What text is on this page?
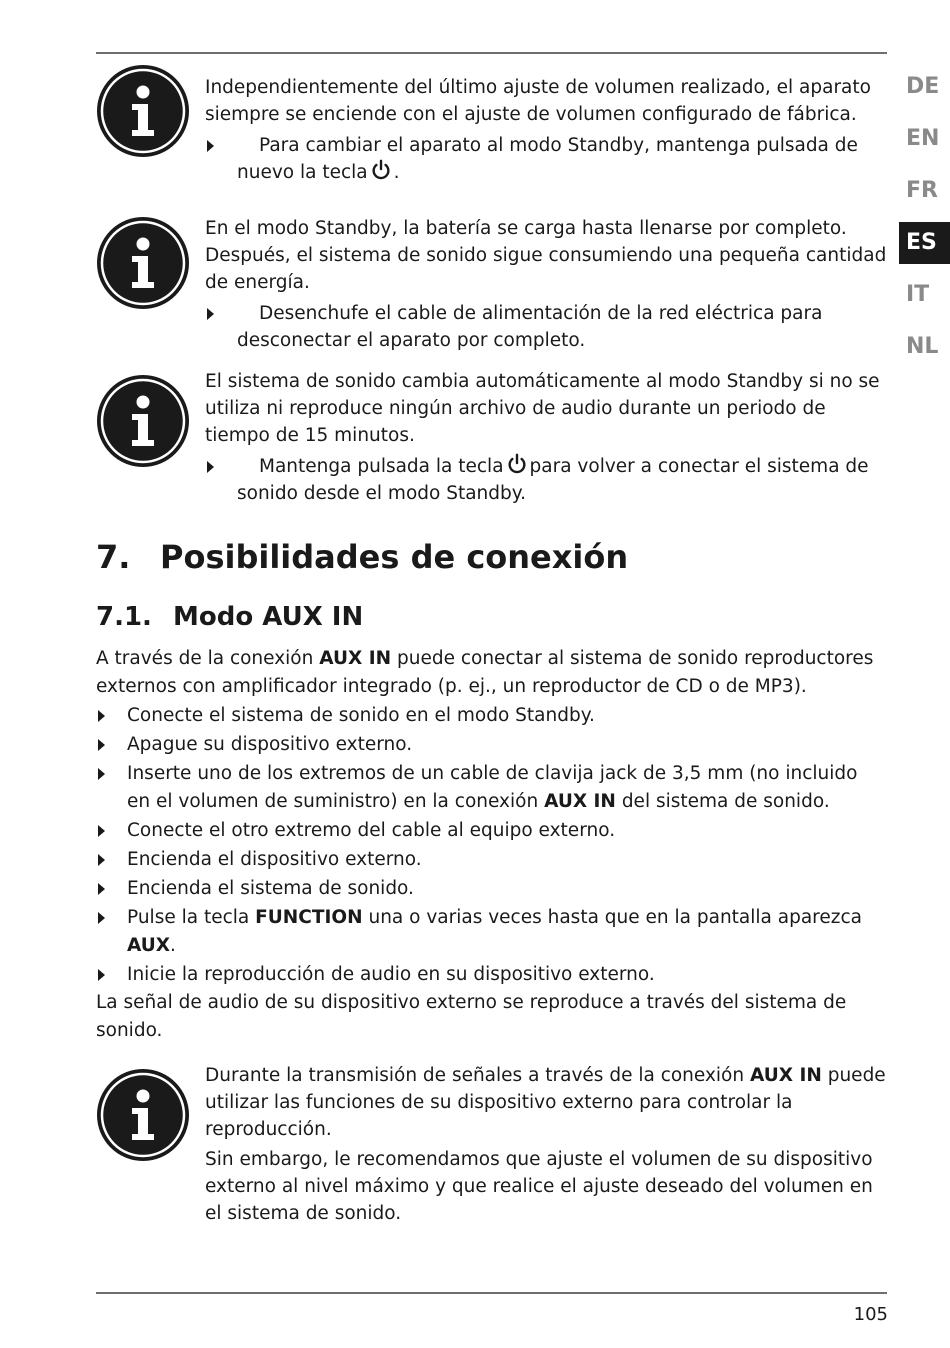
DE
EN
FR
ES
IT
NL

Independientemente del último ajuste de volumen realizado, el aparato siempre se enciende con el ajuste de volumen configurado de fábrica.

Para cambiar el aparato al modo Standby, mantenga pulsada de nuevo la tecla .

En el modo Standby, la batería se carga hasta llenarse por completo. Después, el sistema de sonido sigue consumiendo una pequeña cantidad de energía.

Desenchufe el cable de alimentación de la red eléctrica para desconectar el aparato por completo.

El sistema de sonido cambia automáticamente al modo Standby si no se utiliza ni reproduce ningún archivo de audio durante un periodo de tiempo de 15 minutos.

Mantenga pulsada la tecla para volver a conectar el sistema de sonido desde el modo Standby.
7. Posibilidades de conexión
7.1. Modo AUX IN

A través de la conexión AUX IN puede conectar al sistema de sonido reproductores externos con amplificador integrado (p. ej., un reproductor de CD o de MP3).

Conecte el sistema de sonido en el modo Standby.
Apague su dispositivo externo.
Inserte uno de los extremos de un cable de clavija jack de 3,5 mm (no incluido en el volumen de suministro) en la conexión AUX IN del sistema de sonido.
Conecte el otro extremo del cable al equipo externo.
Encienda el dispositivo externo.
Encienda el sistema de sonido.
Pulse la tecla FUNCTION una o varias veces hasta que en la pantalla aparezca AUX.
Inicie la reproducción de audio en su dispositivo externo.

La señal de audio de su dispositivo externo se reproduce a través del sistema de sonido.

Durante la transmisión de señales a través de la conexión AUX IN puede utilizar las funciones de su dispositivo externo para controlar la reproducción.

Sin embargo, le recomendamos que ajuste el volumen de su dispositivo externo al nivel máximo y que realice el ajuste deseado del volumen en el sistema de sonido.

105
